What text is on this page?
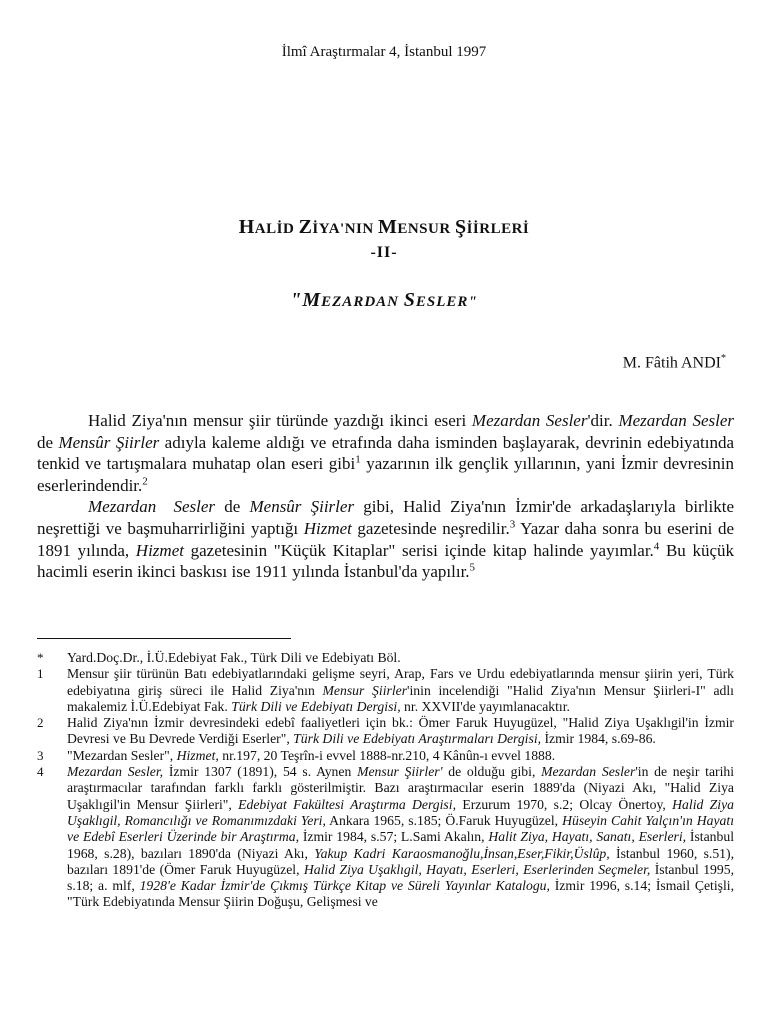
İlmî Araştırmalar 4, İstanbul 1997
HALİD ZİYA'NIN MENSUR ŞİİRLERİ
-II-
"MEZARDAN SESLER"
M. Fâtih ANDI*

Halid Ziya'nın mensur şiir türünde yazdığı ikinci eseri Mezardan Sesler'dir. Mezardan Sesler de Mensûr Şiirler adıyla kaleme aldığı ve etrafında daha isminden başlayarak, devrinin edebiyatında tenkid ve tartışmalara muhatap olan eseri gibi$^1$ yazarının ilk gençlik yıllarının, yani İzmir devresinin eserlerindendir.$^2$

Mezardan Sesler de Mensûr Şiirler gibi, Halid Ziya'nın İzmir'de arkadaşlarıyla birlikte neşrettiği ve başmuharrirliğini yaptığı Hizmet gazetesinde neşredilir.$^3$ Yazar daha sonra bu eserini de 1891 yılında, Hizmet gazetesinin "Küçük Kitaplar" serisi içinde kitap halinde yayımlar.$^4$ Bu küçük hacimli eserin ikinci baskısı ise 1911 yılında İstanbul'da yapılır.$^5$

* Yard.Doç.Dr., İ.Ü.Edebiyat Fak., Türk Dili ve Edebiyatı Böl.
1 Mensur şiir türünün Batı edebiyatlarındaki gelişme seyri, Arap, Fars ve Urdu edebiyatlarında mensur şiirin yeri, Türk edebiyatına giriş süreci ile Halid Ziya'nın Mensur Şiirler'inin incelendiği "Halid Ziya'nın Mensur Şiirleri-I" adlı makalemiz İ.Ü.Edebiyat Fak. Türk Dili ve Edebiyatı Dergisi, nr. XXVII'de yayımlanacaktır.
2 Halid Ziya'nın İzmir devresindeki edebî faaliyetleri için bk.: Ömer Faruk Huyugüzel, "Halid Ziya Uşaklıgil'in İzmir Devresi ve Bu Devrede Verdiği Eserler", Türk Dili ve Edebiyatı Araştırmaları Dergisi, İzmir 1984, s.69-86.
3 "Mezardan Sesler", Hizmet, nr.197, 20 Teşrîn-i evvel 1888-nr.210, 4 Kânûn-ı evvel 1888.
4 Mezardan Sesler, İzmir 1307 (1891), 54 s. Aynen Mensur Şiirler' de olduğu gibi, Mezardan Sesler'in de neşir tarihi araştırmacılar tarafından farklı farklı gösterilmiştir. Bazı araştırmacılar eserin 1889'da (Niyazi Akı, "Halid Ziya Uşaklıgil'in Mensur Şiirleri", Edebiyat Fakültesi Araştırma Dergisi, Erzurum 1970, s.2; Olcay Önertoy, Halid Ziya Uşaklıgil, Romancılığı ve Romanımızdaki Yeri, Ankara 1965, s.185; Ö.Faruk Huyugüzel, Hüseyin Cahit Yalçın'ın Hayatı ve Edebî Eserleri Üzerinde bir Araştırma, İzmir 1984, s.57; L.Sami Akalın, Halit Ziya, Hayatı, Sanatı, Eserleri, İstanbul 1968, s.28), bazıları 1890'da (Niyazi Akı, Yakup Kadri Karaosmanoğlu,İnsan,Eser,Fikir,Üslûp, İstanbul 1960, s.51), bazıları 1891'de (Ömer Faruk Huyugüzel, Halid Ziya Uşaklıgil, Hayatı, Eserleri, Eserlerinden Seçmeler, İstanbul 1995, s.18; a. mlf, 1928'e Kadar İzmir'de Çıkmış Türkçe Kitap ve Süreli Yayınlar Katalogu, İzmir 1996, s.14; İsmail Çetişli, "Türk Edebiyatında Mensur Şiirin Doğuşu, Gelişmesi ve
